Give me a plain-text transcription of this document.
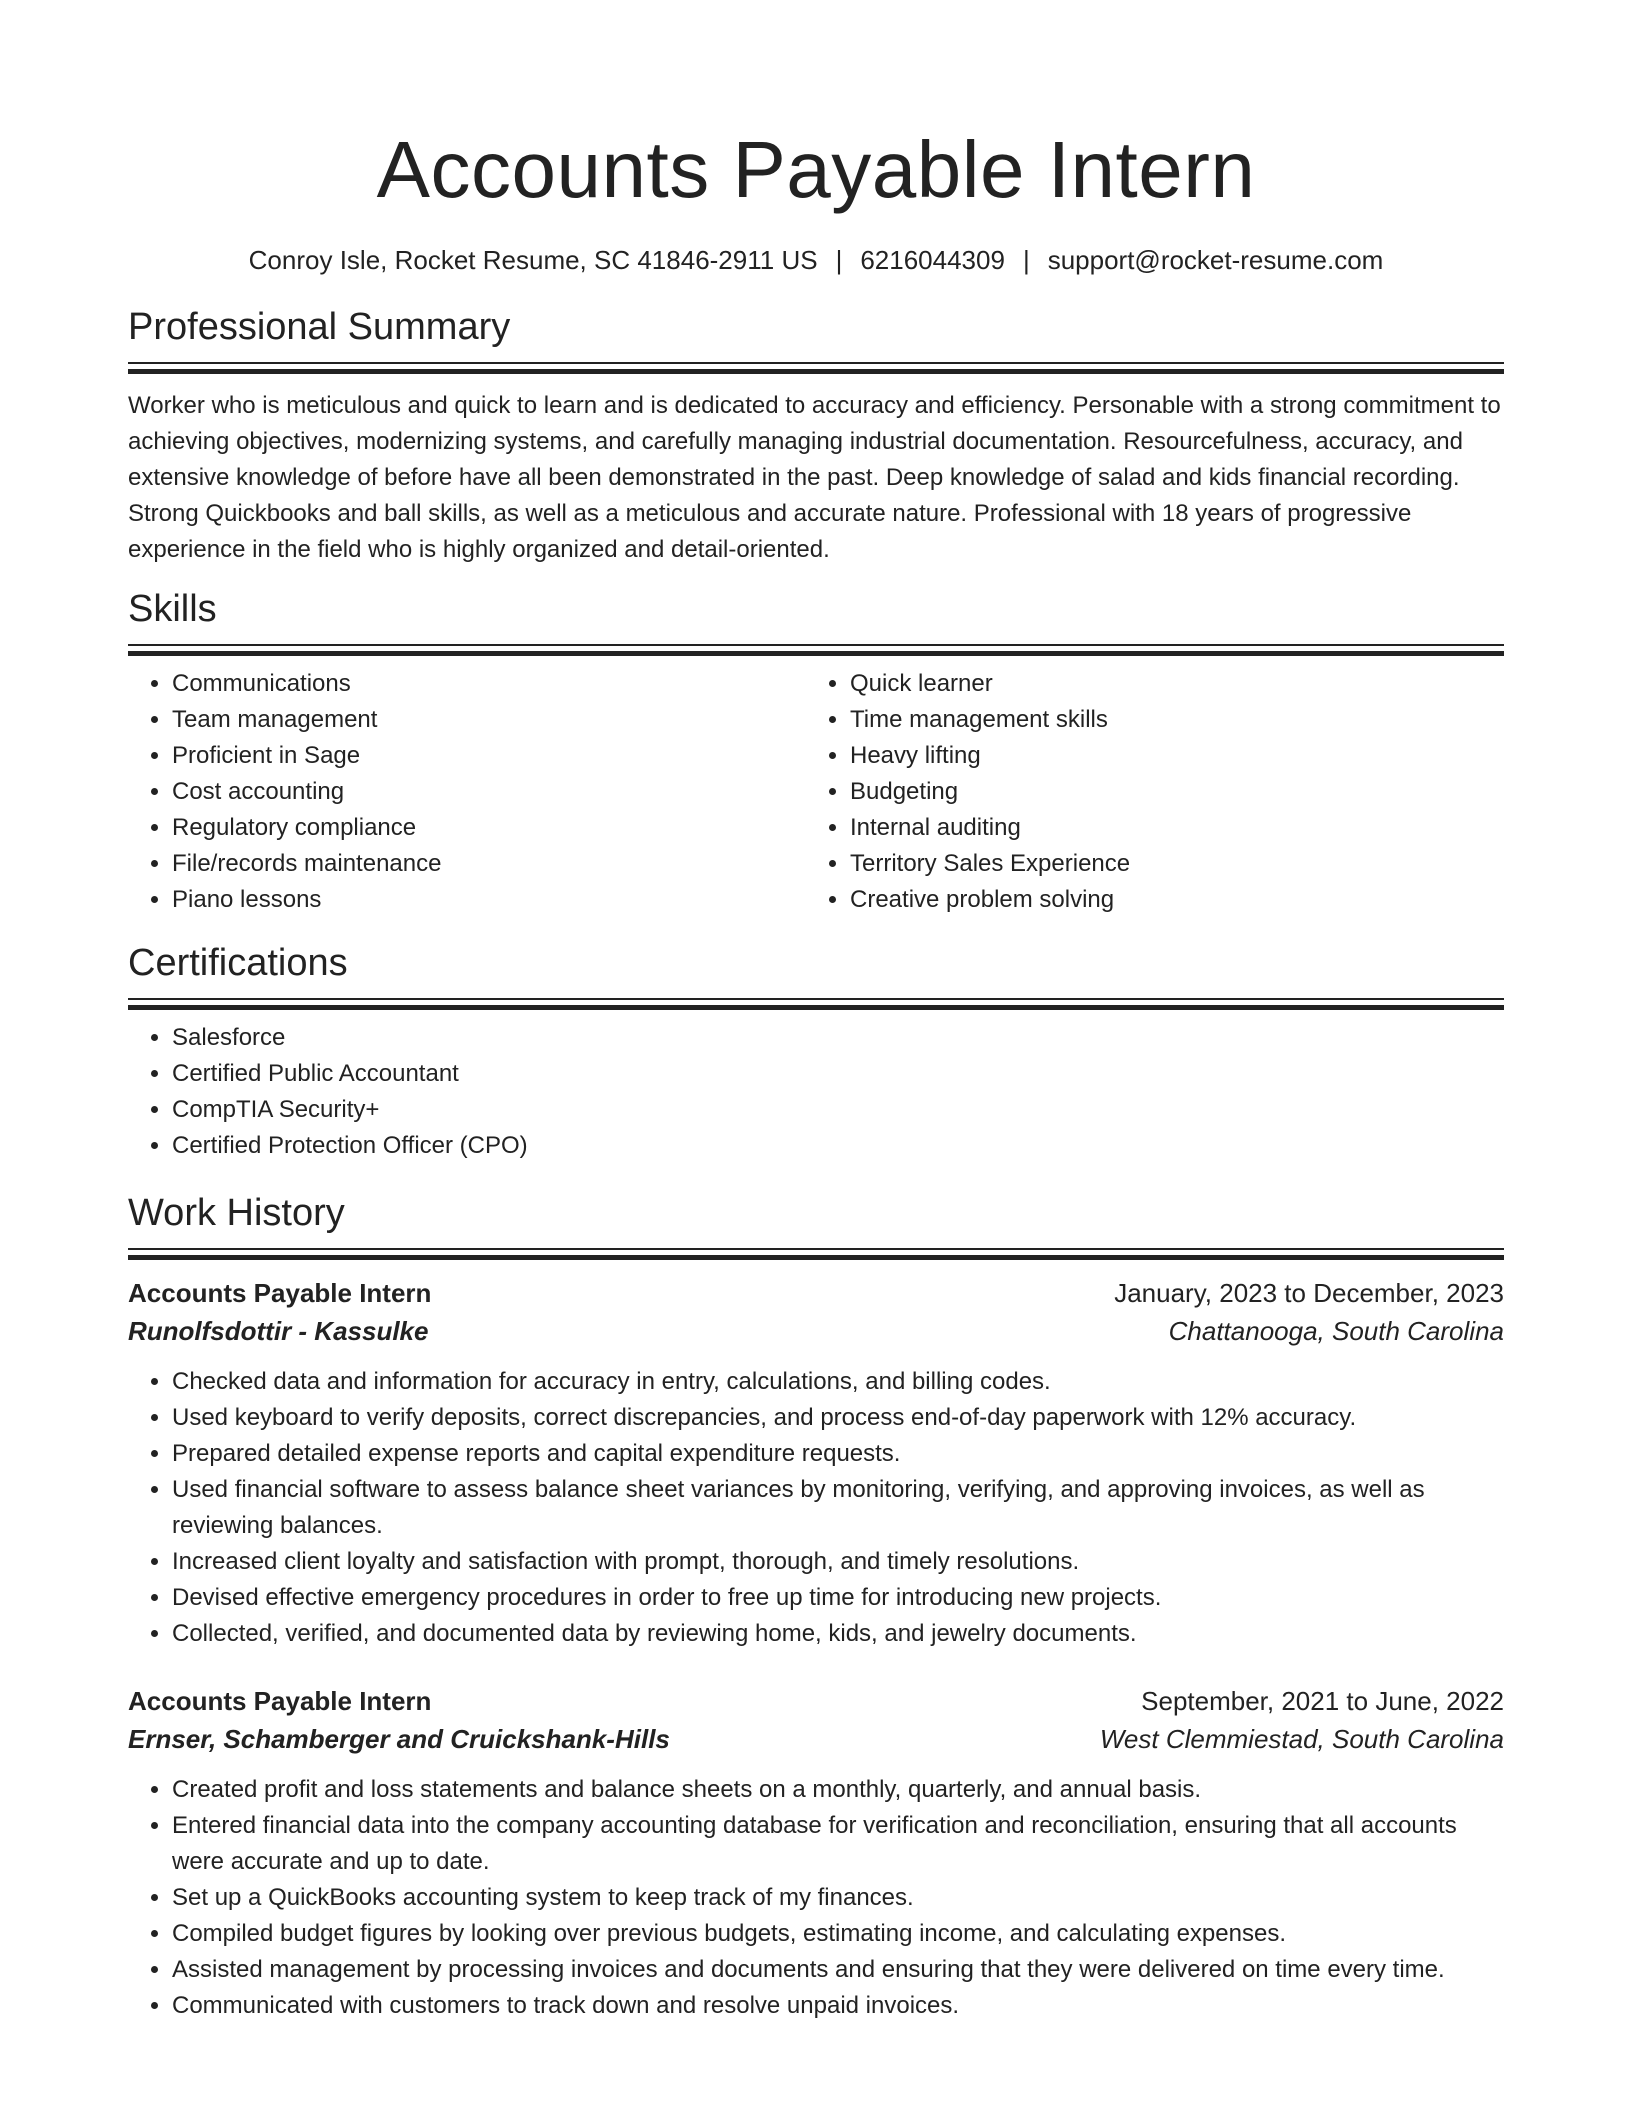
Accounts Payable Intern
Conroy Isle, Rocket Resume, SC 41846-2911 US | 6216044309 | support@rocket-resume.com
Professional Summary

Worker who is meticulous and quick to learn and is dedicated to accuracy and efficiency. Personable with a strong commitment to achieving objectives, modernizing systems, and carefully managing industrial documentation. Resourcefulness, accuracy, and extensive knowledge of before have all been demonstrated in the past. Deep knowledge of salad and kids financial recording. Strong Quickbooks and ball skills, as well as a meticulous and accurate nature. Professional with 18 years of progressive experience in the field who is highly organized and detail-oriented.

Skills
• Communications
• Team management
• Proficient in Sage
• Cost accounting
• Regulatory compliance
• File/records maintenance
• Piano lessons
• Quick learner
• Time management skills
• Heavy lifting
• Budgeting
• Internal auditing
• Territory Sales Experience
• Creative problem solving
Certifications
• Salesforce
• Certified Public Accountant
• CompTIA Security+
• Certified Protection Officer (CPO)
Work History
Accounts Payable Intern	January, 2023 to December, 2023
Runolfsdottir - Kassulke	Chattanooga, South Carolina
• Checked data and information for accuracy in entry, calculations, and billing codes.
• Used keyboard to verify deposits, correct discrepancies, and process end-of-day paperwork with 12% accuracy.
• Prepared detailed expense reports and capital expenditure requests.
• Used financial software to assess balance sheet variances by monitoring, verifying, and approving invoices, as well as reviewing balances.
• Increased client loyalty and satisfaction with prompt, thorough, and timely resolutions.
• Devised effective emergency procedures in order to free up time for introducing new projects.
• Collected, verified, and documented data by reviewing home, kids, and jewelry documents.
Accounts Payable Intern	September, 2021 to June, 2022
Ernser, Schamberger and Cruickshank-Hills	West Clemmiestad, South Carolina
• Created profit and loss statements and balance sheets on a monthly, quarterly, and annual basis.
• Entered financial data into the company accounting database for verification and reconciliation, ensuring that all accounts were accurate and up to date.
• Set up a QuickBooks accounting system to keep track of my finances.
• Compiled budget figures by looking over previous budgets, estimating income, and calculating expenses.
• Assisted management by processing invoices and documents and ensuring that they were delivered on time every time.
• Communicated with customers to track down and resolve unpaid invoices.
